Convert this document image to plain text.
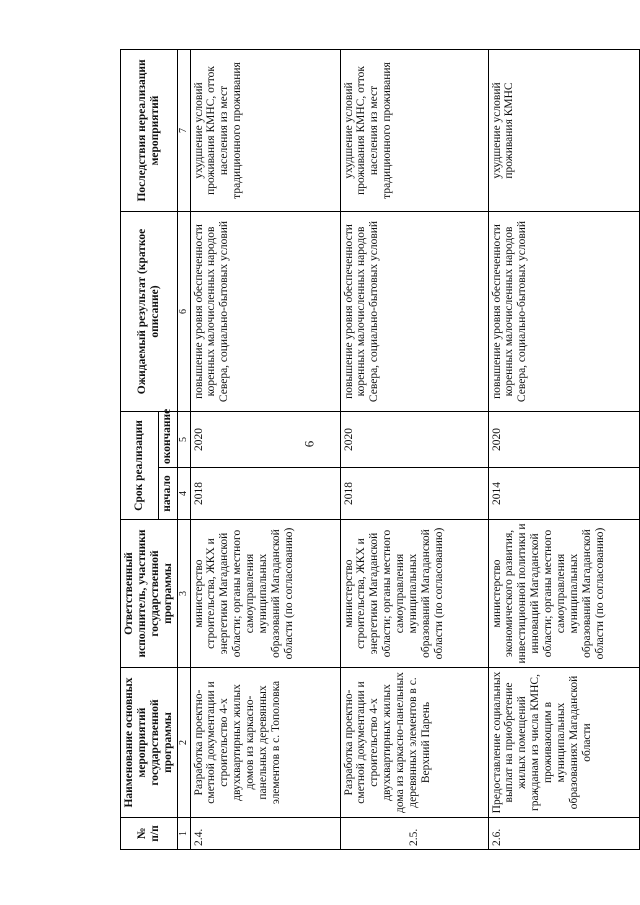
6
№
п/п	Наименование основных мероприятий государственной программы	Ответственный исполнитель, участники государственной программы	Срок реализации		Ожидаемый результат (краткое описание)	Последствия нереализации мероприятий
			начало	окончание		
1	2	3	4	5	6	7
2.4.	Разработка проектно-сметной документации и строительство 4-х двухквартирных жилых домов из каркасно-панельных деревянных элементов в с. Тополовка	министерство строительства, ЖКХ и энергетики Магаданской области; органы местного самоуправления муниципальных образований Магаданской области (по согласованию)	2018	2020	повышение уровня обеспеченности коренных малочисленных народов Севера, социально-бытовых условий	ухудшение условий проживания КМНС, отток населения из мест традиционного проживания
2.5.	Разработка проектно-сметной документации и строительство 4-х двухквартирных жилых дома из каркасно-панельных деревянных элементов в с. Верхний Парень	министерство строительства, ЖКХ и энергетики Магаданской области; органы местного самоуправления муниципальных образований Магаданской области (по согласованию)	2018	2020	повышение уровня обеспеченности коренных малочисленных народов Севера, социально-бытовых условий	ухудшение условий проживания КМНС, отток населения из мест традиционного проживания
2.6.	Предоставление социальных выплат на приобретение жилых помещений гражданам из числа КМНС, проживающим в муниципальных образованиях Магаданской области	министерство экономического развития, инвестиционной политики и инноваций Магаданской области; органы местного самоуправления муниципальных образований Магаданской области (по согласованию)	2014	2020	повышение уровня обеспеченности коренных малочисленных народов Севера, социально-бытовых условий	ухудшение условий проживания КМНС
